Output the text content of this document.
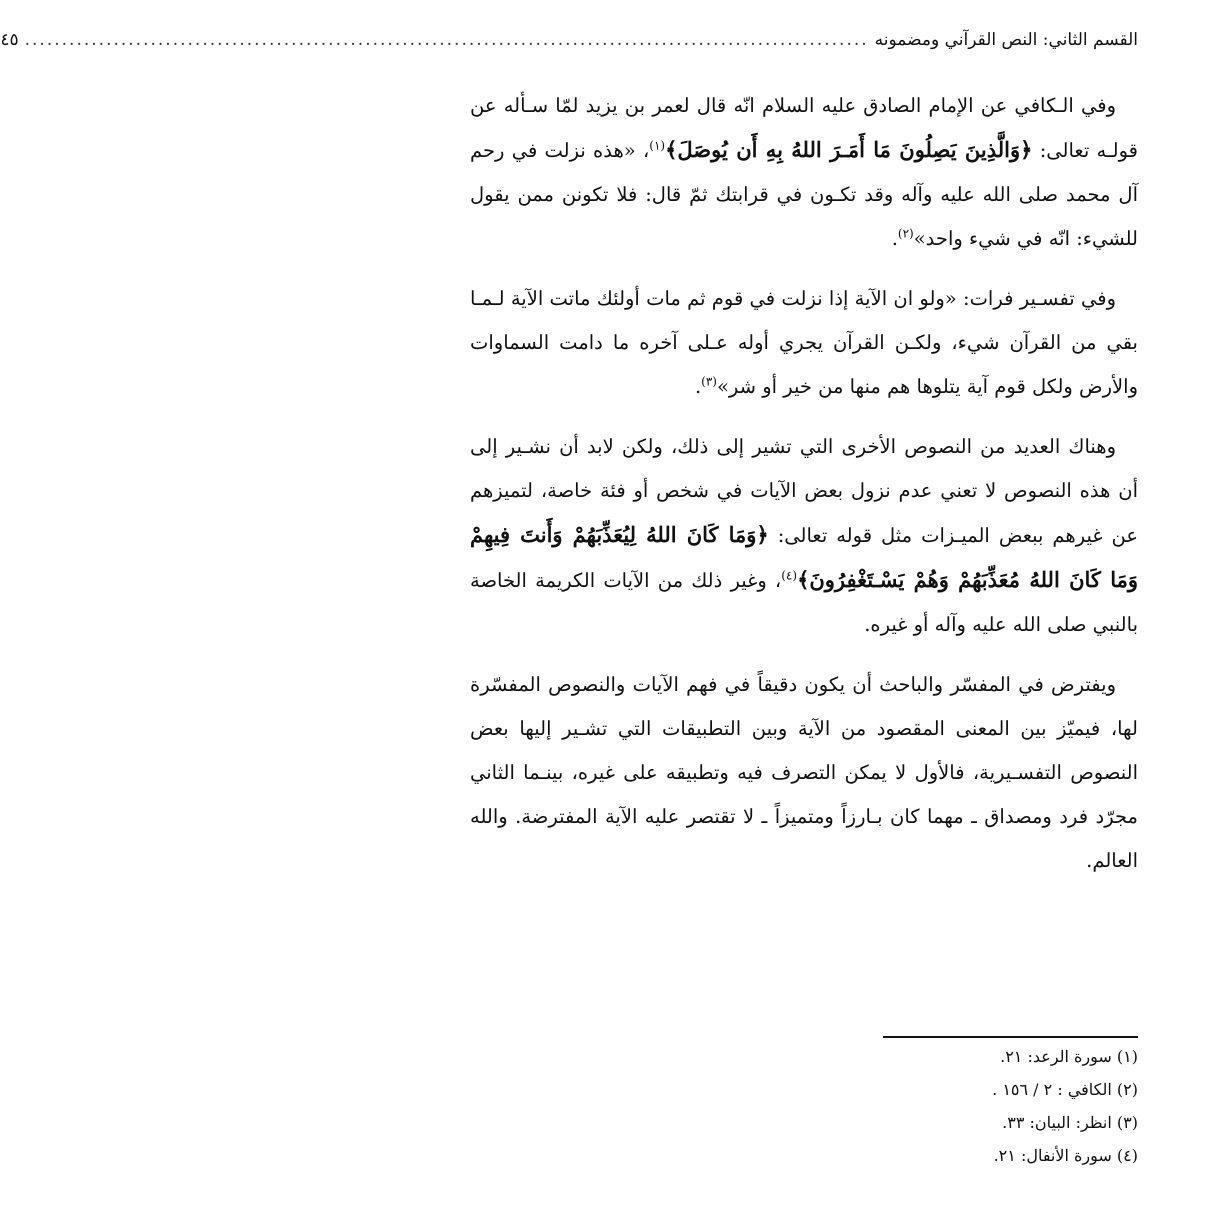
القسم الثاني: النص القرآني ومضمونه
..................................................................................................................
٤٥

وفي الـكافي عن الإمام الصادق عليه السلام انّه قال لعمر بن يزيد لمّا سـأله عن قولـه تعالى: ﴿وَالَّذِينَ يَصِلُونَ مَا أَمَـرَ اللهُ بِهِ أَن يُوصَلَ﴾$^{(١)}$، «هذه نزلت في رحم آل محمد صلى الله عليه وآله وقد تكـون في قرابتك ثمّ قال: فلا تكونن ممن يقول للشيء: انّه في شيء واحد»$^{(٢)}$.

وفي تفسـير فرات: «ولو ان الآية إذا نزلت في قوم ثم مات أولئك ماتت الآية لـمـا بقي من القرآن شيء، ولكـن القرآن يجري أوله عـلى آخره ما دامت السماوات والأرض ولكل قوم آية يتلوها هم منها من خير أو شر»$^{(٣)}$.

وهناك العديد من النصوص الأخرى التي تشير إلى ذلك، ولكن لابد أن نشـير إلى أن هذه النصوص لا تعني عدم نزول بعض الآيات في شخص أو فئة خاصة، لتميزهم عن غيرهم ببعض الميـزات مثل قوله تعالى: ﴿وَمَا كَانَ اللهُ لِيُعَذِّبَهُمْ وَأَنتَ فِيهِمْ وَمَا كَانَ اللهُ مُعَذِّبَهُمْ وَهُمْ يَسْـتَغْفِرُونَ﴾$^{(٤)}$، وغير ذلك من الآيات الكريمة الخاصة بالنبي صلى الله عليه وآله أو غيره.

ويفترض في المفسّر والباحث أن يكون دقيقاً في فهم الآيات والنصوص المفسّرة لها، فيميّز بين المعنى المقصود من الآية وبين التطبيقات التي تشـير إليها بعض النصوص التفسـيرية، فالأول لا يمكن التصرف فيه وتطبيقه على غيره، بينـما الثاني مجرّد فرد ومصداق ـ مهما كان بـارزاً ومتميزاً ـ لا تقتصر عليه الآية المفترضة. والله العالم.

(١) سورة الرعد: ٢١.
(٢) الكافي : ٢ / ١٥٦ .
(٣) انظر: البيان: ٣٣.
(٤) سورة الأنفال: ٢١.
